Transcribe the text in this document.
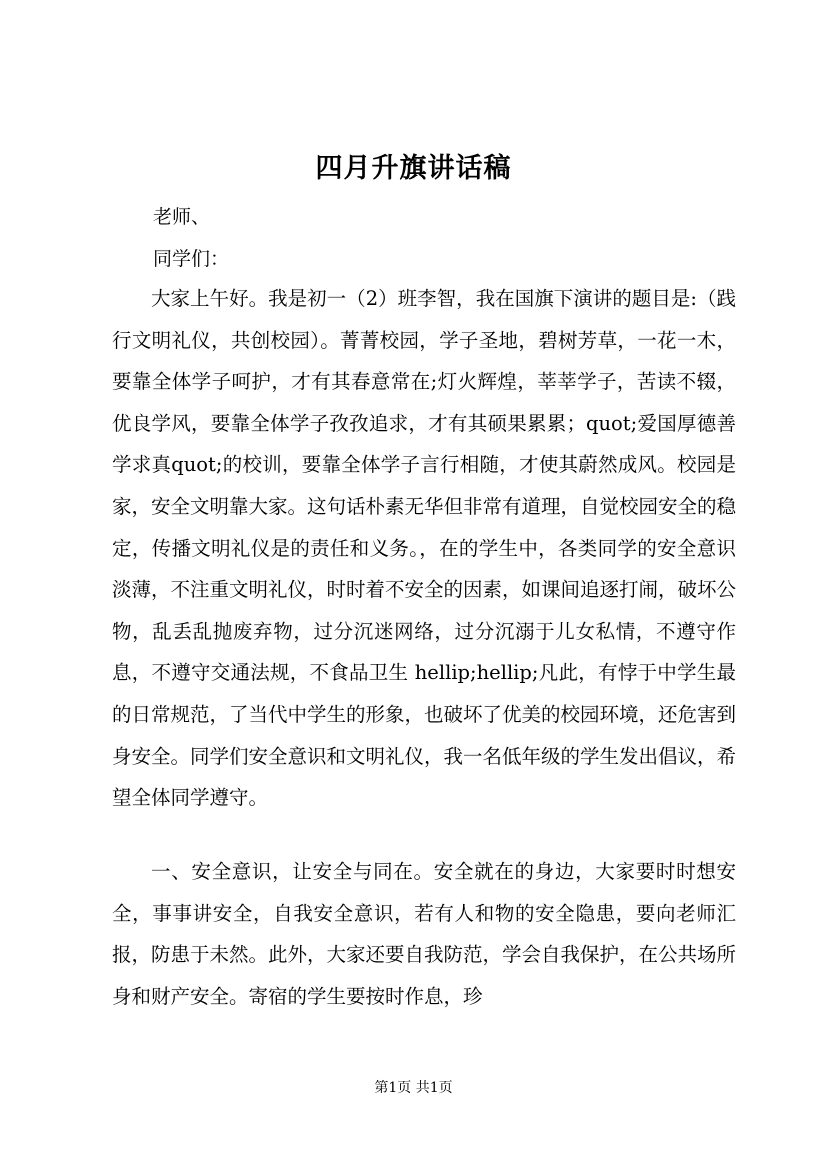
四月升旗讲话稿
老师、
同学们：

大家上午好。我是初一（2）班李智，我在国旗下演讲的题目是:（践行文明礼仪，共创校园）。菁菁校园，学子圣地，碧树芳草，一花一木，要靠全体学子呵护，才有其春意常在;灯火辉煌，莘莘学子，苦读不辍，优良学风，要靠全体学子孜孜追求，才有其硕果累累；quot;爱国厚德善学求真quot;的校训，要靠全体学子言行相随，才使其蔚然成风。校园是家，安全文明靠大家。这句话朴素无华但非常有道理，自觉校园安全的稳定，传播文明礼仪是的责任和义务。，在的学生中，各类同学的安全意识淡薄，不注重文明礼仪，时时着不安全的因素，如课间追逐打闹，破坏公物，乱丢乱抛废弃物，过分沉迷网络，过分沉溺于儿女私情，不遵守作息，不遵守交通法规，不食品卫生 hellip;hellip;凡此，有悖于中学生最的日常规范，了当代中学生的形象，也破坏了优美的校园环境，还危害到身安全。同学们安全意识和文明礼仪，我一名低年级的学生发出倡议，希望全体同学遵守。

一、安全意识，让安全与同在。安全就在的身边，大家要时时想安全，事事讲安全，自我安全意识，若有人和物的安全隐患，要向老师汇报，防患于未然。此外，大家还要自我防范，学会自我保护，在公共场所身和财产安全。寄宿的学生要按时作息，珍

第1页 共1页
